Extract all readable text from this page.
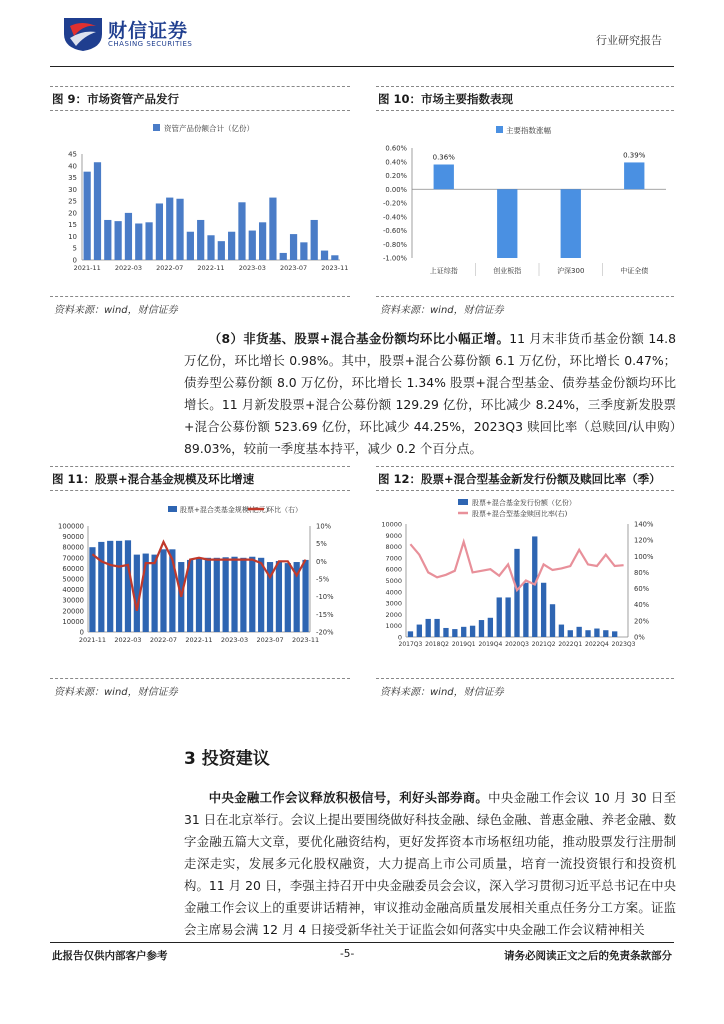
财信证券
CHASING SECURITIES	行业研究报告
图 9：市场资管产品发行	图 10：市场主要指数表现
资管产品份额合计（亿份）
0
5
10
15
20
25
30
35
40
45
2021-11 2022-03 2022-07 2022-11 2023-03 2023-07 2023-11
主要指数涨幅
0.60%
0.40%
0.20%
0.00%
-0.20%
-0.40%
-0.60%
-0.80%
-1.00%
0.36%
上证综指	创业板指	沪深300
0.39%
中证全债
资料来源：wind，财信证券	资料来源：wind，财信证券

（8）非货基、股票+混合基金份额均环比小幅正增。11 月末非货币基金份额 14.8 万亿份，环比增长 0.98%。其中，股票+混合公募份额 6.1 万亿份，环比增长 0.47%；债券型公募份额 8.0 万亿份，环比增长 1.34% 股票+混合型基金、债券基金份额均环比增长。11 月新发股票+混合公募份额 129.29 亿份，环比减少 8.24%，三季度新发股票+混合公募份额 523.69 亿份，环比减少 44.25%，2023Q3 赎回比率（总赎回/认申购）89.03%，较前一季度基本持平，减少 0.2 个百分点。

图 11：股票+混合基金规模及环比增速	图 12：股票+混合型基金新发行份额及赎回比率（季）
股票+混合类基金规模(亿元)
环比（右）
0
10000
20000
30000
40000
50000
60000
70000
80000
90000
100000	10%
5%
0%
-5%
-10%
-15%
-20%
2021-11 2022-03 2022-07 2022-11 2023-03 2023-07 2023-11
股票+混合基金发行份额（亿份）
股票+混合型基金赎回比率(右)
0
1000
2000
3000
4000
5000
6000
7000
8000
9000
10000	140%
120%
100%
80%
60%
40%
20%
0%
2017Q3 2018Q2 2019Q1 2019Q4 2020Q3 2021Q2 2022Q1 2022Q4 2023Q3
资料来源：wind，财信证券	资料来源：wind，财信证券
3 投资建议

中央金融工作会议释放积极信号，利好头部券商。中央金融工作会议 10 月 30 日至 31 日在北京举行。会议上提出要围绕做好科技金融、绿色金融、普惠金融、养老金融、数字金融五篇大文章，要优化融资结构，更好发挥资本市场枢纽功能，推动股票发行注册制走深走实，发展多元化股权融资，大力提高上市公司质量，培育一流投资银行和投资机构。11 月 20 日，李强主持召开中央金融委员会会议，深入学习贯彻习近平总书记在中央金融工作会议上的重要讲话精神，审议推动金融高质量发展相关重点任务分工方案。证监会主席易会满 12 月 4 日接受新华社关于证监会如何落实中央金融工作会议精神相关

此报告仅供内部客户参考	-5-	请务必阅读正文之后的免责条款部分
